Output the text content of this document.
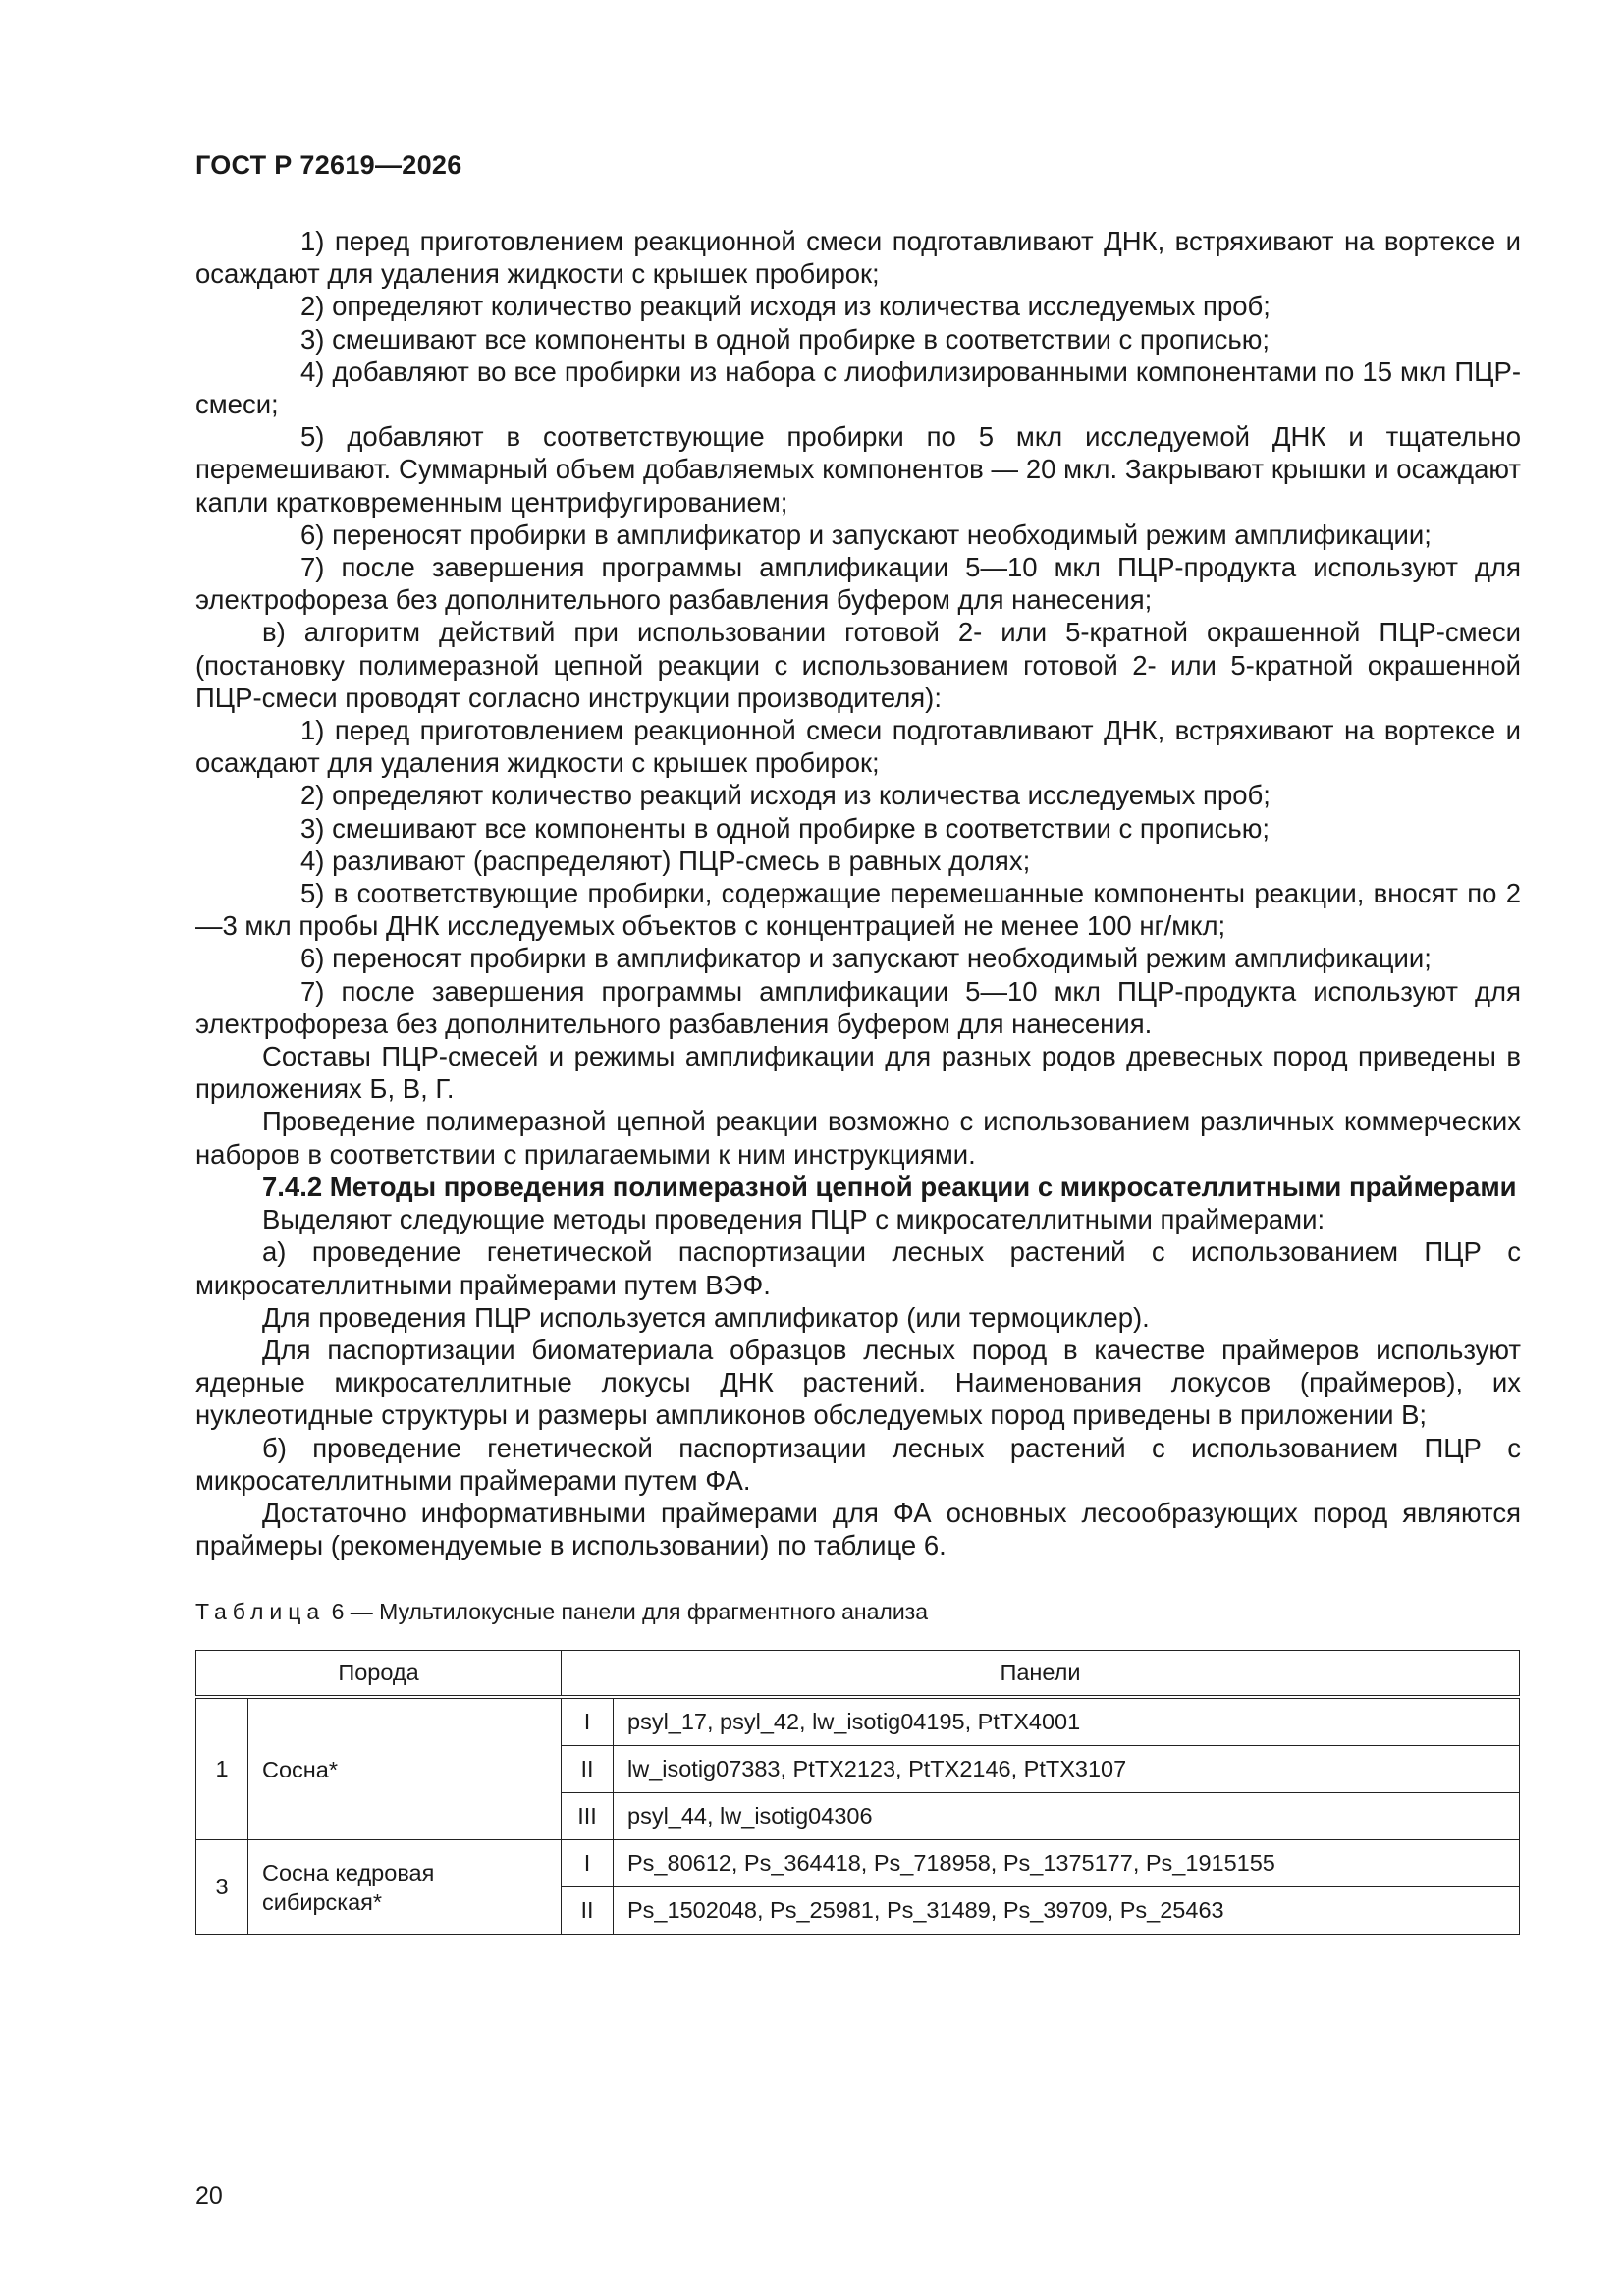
ГОСТ Р 72619—2026

1) перед приготовлением реакционной смеси подготавливают ДНК, встряхивают на вортексе и осаждают для удаления жидкости с крышек пробирок;

2) определяют количество реакций исходя из количества исследуемых проб;

3) смешивают все компоненты в одной пробирке в соответствии с прописью;

4) добавляют во все пробирки из набора с лиофилизированными компонентами по 15 мкл ПЦР-смеси;

5) добавляют в соответствующие пробирки по 5 мкл исследуемой ДНК и тщательно перемешивают. Суммарный объем добавляемых компонентов — 20 мкл. Закрывают крышки и осаждают капли кратковременным центрифугированием;

6) переносят пробирки в амплификатор и запускают необходимый режим амплификации;

7) после завершения программы амплификации 5—10 мкл ПЦР-продукта используют для электрофореза без дополнительного разбавления буфером для нанесения;

в) алгоритм действий при использовании готовой 2- или 5-кратной окрашенной ПЦР-смеси (постановку полимеразной цепной реакции с использованием готовой 2- или 5-кратной окрашенной ПЦР-смеси проводят согласно инструкции производителя):

1) перед приготовлением реакционной смеси подготавливают ДНК, встряхивают на вортексе и осаждают для удаления жидкости с крышек пробирок;

2) определяют количество реакций исходя из количества исследуемых проб;

3) смешивают все компоненты в одной пробирке в соответствии с прописью;

4) разливают (распределяют) ПЦР-смесь в равных долях;

5) в соответствующие пробирки, содержащие перемешанные компоненты реакции, вносят по 2—3 мкл пробы ДНК исследуемых объектов с концентрацией не менее 100 нг/мкл;

6) переносят пробирки в амплификатор и запускают необходимый режим амплификации;

7) после завершения программы амплификации 5—10 мкл ПЦР-продукта используют для электрофореза без дополнительного разбавления буфером для нанесения.

Составы ПЦР-смесей и режимы амплификации для разных родов древесных пород приведены в приложениях Б, В, Г.

Проведение полимеразной цепной реакции возможно с использованием различных коммерческих наборов в соответствии с прилагаемыми к ним инструкциями.

7.4.2 Методы проведения полимеразной цепной реакции с микросателлитными праймерами

Выделяют следующие методы проведения ПЦР с микросателлитными праймерами:

а) проведение генетической паспортизации лесных растений с использованием ПЦР с микросателлитными праймерами путем ВЭФ.

Для проведения ПЦР используется амплификатор (или термоциклер).

Для паспортизации биоматериала образцов лесных пород в качестве праймеров используют ядерные микросателлитные локусы ДНК растений. Наименования локусов (праймеров), их нуклеотидные структуры и размеры ампликонов обследуемых пород приведены в приложении В;

б) проведение генетической паспортизации лесных растений с использованием ПЦР с микросателлитными праймерами путем ФА.

Достаточно информативными праймерами для ФА основных лесообразующих пород являются праймеры (рекомендуемые в использовании) по таблице 6.

Таблица 6 — Мультилокусные панели для фрагментного анализа
Порода		Панели	
1	Сосна*	I	psyl_17, psyl_42, lw_isotig04195, PtTX4001
		II	lw_isotig07383, PtTX2123, PtTX2146, PtTX3107
		III	psyl_44, lw_isotig04306
3	Сосна кедровая сибирская*	I	Ps_80612, Ps_364418, Ps_718958, Ps_1375177, Ps_1915155
		II	Ps_1502048, Ps_25981, Ps_31489, Ps_39709, Ps_25463
20
